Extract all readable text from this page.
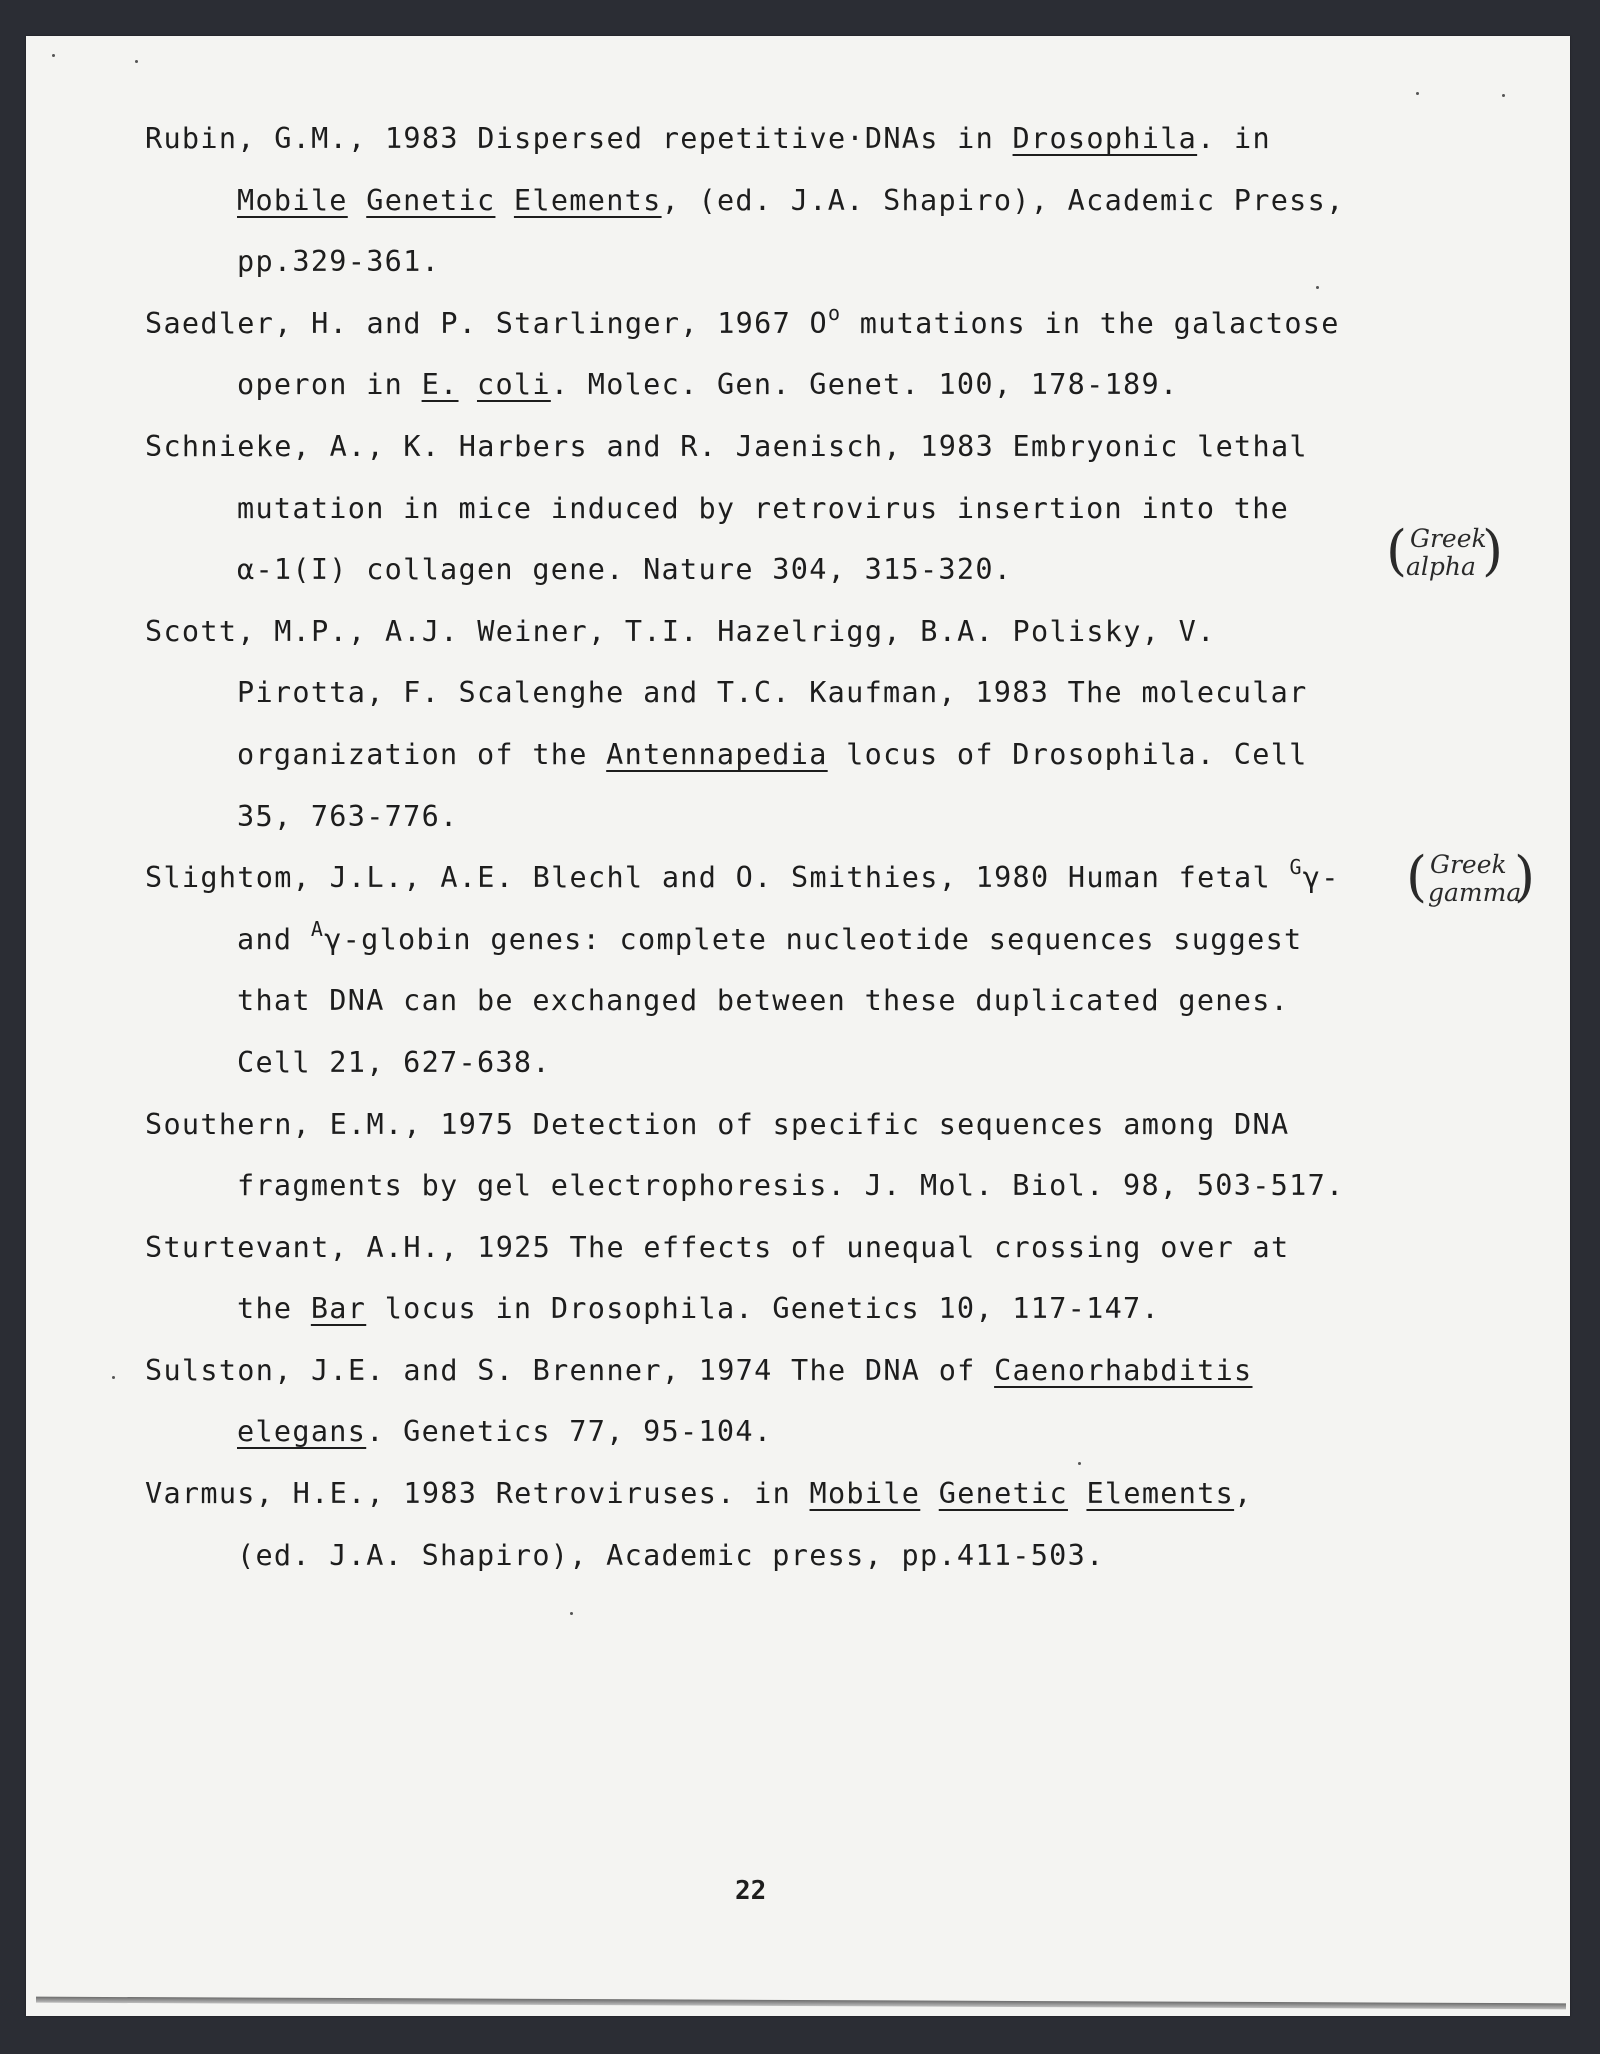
Rubin, G.M., 1983 Dispersed repetitive·DNAs in Drosophila. in
Mobile Genetic Elements, (ed. J.A. Shapiro), Academic Press,
pp.329-361.
Saedler, H. and P. Starlinger, 1967 $O^o$ mutations in the galactose
operon in E. coli. Molec. Gen. Genet. 100, 178-189.
Schnieke, A., K. Harbers and R. Jaenisch, 1983 Embryonic lethal
mutation in mice induced by retrovirus insertion into the
α-1(I) collagen gene. Nature 304, 315-320.
Scott, M.P., A.J. Weiner, T.I. Hazelrigg, B.A. Polisky, V.
Pirotta, F. Scalenghe and T.C. Kaufman, 1983 The molecular
organization of the Antennapedia locus of Drosophila. Cell
35, 763-776.
Slightom, J.L., A.E. Blechl and O. Smithies, 1980 Human fetal $^G$γ-
and $^A$γ-globin genes: complete nucleotide sequences suggest
that DNA can be exchanged between these duplicated genes.
Cell 21, 627-638.
Southern, E.M., 1975 Detection of specific sequences among DNA
fragments by gel electrophoresis. J. Mol. Biol. 98, 503-517.
Sturtevant, A.H., 1925 The effects of unequal crossing over at
the Bar locus in Drosophila. Genetics 10, 117-147.
Sulston, J.E. and S. Brenner, 1974 The DNA of Caenorhabditis
elegans. Genetics 77, 95-104.
Varmus, H.E., 1983 Retroviruses. in Mobile Genetic Elements,
(ed. J.A. Shapiro), Academic press, pp.411-503.
( Greek
alpha )
( Greek
gamma
)
22
